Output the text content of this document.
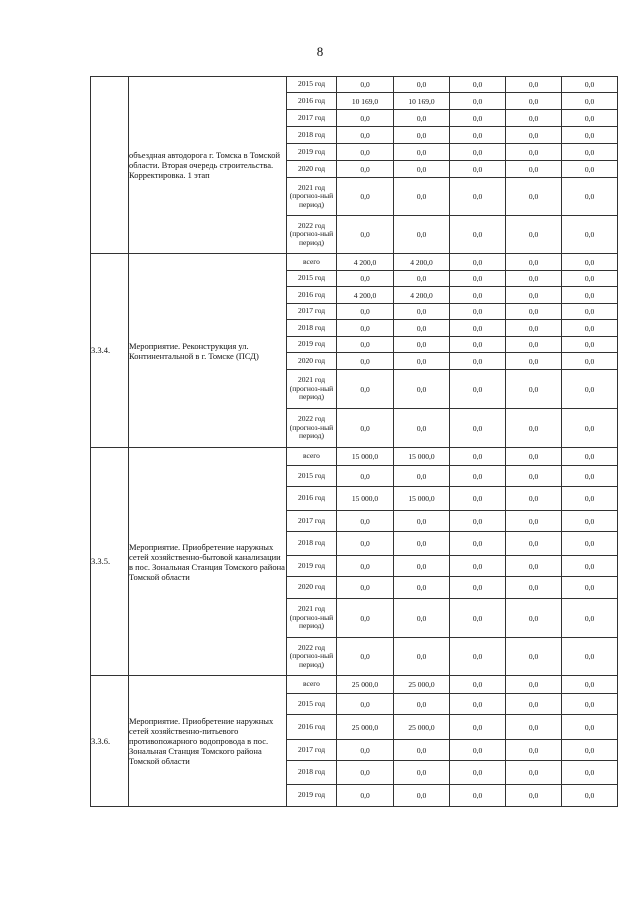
8
	объездная автодорога г. Томска в Томской области. Вторая очередь строительства. Корректировка. 1 этап	2015 год	0,0	0,0	0,0	0,0	0,0
		2016 год	10 169,0	10 169,0	0,0	0,0	0,0
		2017 год	0,0	0,0	0,0	0,0	0,0
		2018 год	0,0	0,0	0,0	0,0	0,0
		2019 год	0,0	0,0	0,0	0,0	0,0
		2020 год	0,0	0,0	0,0	0,0	0,0
		2021 год (прогноз-ный период)	0,0	0,0	0,0	0,0	0,0
		2022 год (прогноз-ный период)	0,0	0,0	0,0	0,0	0,0
3.3.4.	Мероприятие. Реконструкция ул. Континентальной в г. Томске (ПСД)	всего	4 200,0	4 200,0	0,0	0,0	0,0
		2015 год	0,0	0,0	0,0	0,0	0,0
		2016 год	4 200,0	4 200,0	0,0	0,0	0,0
		2017 год	0,0	0,0	0,0	0,0	0,0
		2018 год	0,0	0,0	0,0	0,0	0,0
		2019 год	0,0	0,0	0,0	0,0	0,0
		2020 год	0,0	0,0	0,0	0,0	0,0
		2021 год (прогноз-ный период)	0,0	0,0	0,0	0,0	0,0
		2022 год (прогноз-ный период)	0,0	0,0	0,0	0,0	0,0
3.3.5.	Мероприятие. Приобретение наружных сетей хозяйственно-бытовой канализации в пос. Зональная Станция Томского района Томской области	всего	15 000,0	15 000,0	0,0	0,0	0,0
		2015 год	0,0	0,0	0,0	0,0	0,0
		2016 год	15 000,0	15 000,0	0,0	0,0	0,0
		2017 год	0,0	0,0	0,0	0,0	0,0
		2018 год	0,0	0,0	0,0	0,0	0,0
		2019 год	0,0	0,0	0,0	0,0	0,0
		2020 год	0,0	0,0	0,0	0,0	0,0
		2021 год (прогноз-ный период)	0,0	0,0	0,0	0,0	0,0
		2022 год (прогноз-ный период)	0,0	0,0	0,0	0,0	0,0
3.3.6.	Мероприятие. Приобретение наружных сетей хозяйственно-питьевого противопожарного водопровода в пос. Зональная Станция Томского района Томской области	всего	25 000,0	25 000,0	0,0	0,0	0,0
		2015 год	0,0	0,0	0,0	0,0	0,0
		2016 год	25 000,0	25 000,0	0,0	0,0	0,0
		2017 год	0,0	0,0	0,0	0,0	0,0
		2018 год	0,0	0,0	0,0	0,0	0,0
		2019 год	0,0	0,0	0,0	0,0	0,0
